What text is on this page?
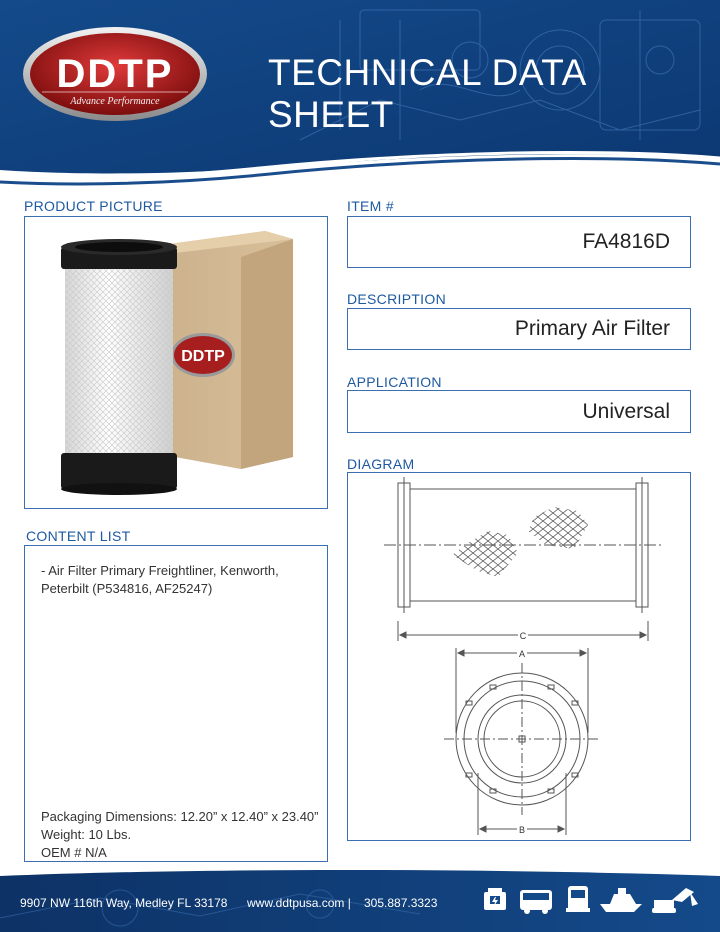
DDTP
Advance Performance
TECHNICAL DATA SHEET
PRODUCT PICTURE
DDTP
ITEM #
FA4816D
DESCRIPTION
Primary Air Filter
APPLICATION
Universal
DIAGRAM
C
A
B
CONTENT LIST
- Air Filter Primary Freightliner, Kenworth,
Peterbilt (P534816, AF25247)
Packaging Dimensions: 12.20” x 12.40” x 23.40”
Weight: 10 Lbs.
OEM # N/A
9907 NW 116th Way, Medley FL 33178 www.ddtpusa.com | 305.887.3323
